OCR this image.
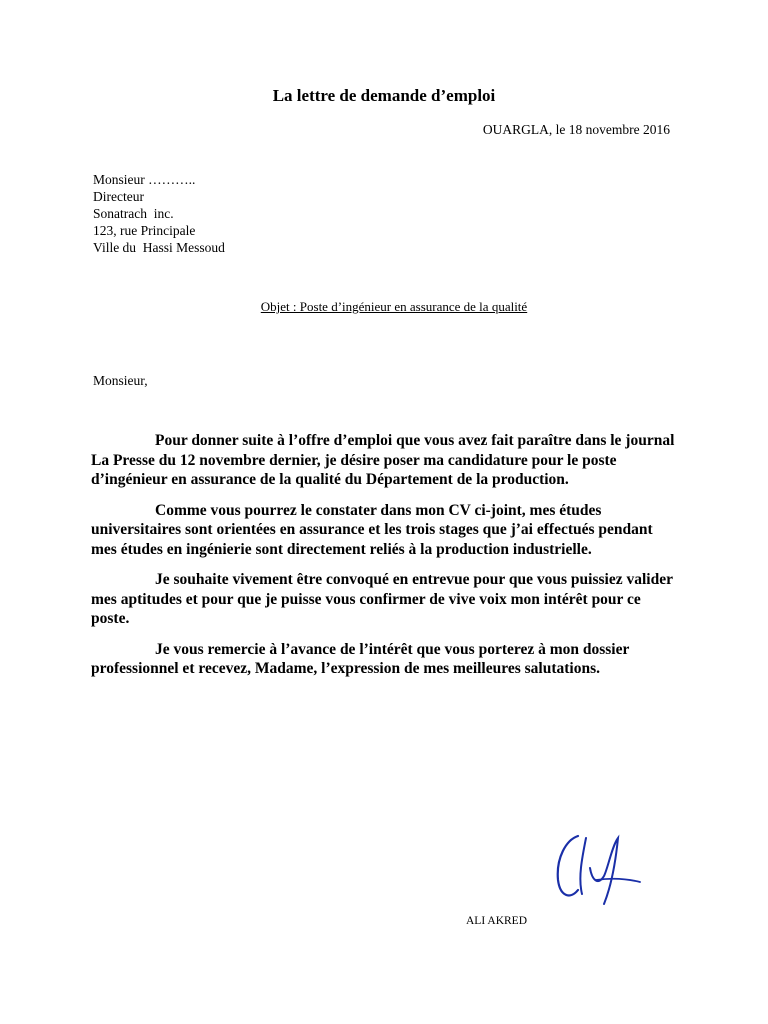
La lettre de demande d’emploi

OUARGLA, le 18 novembre 2016

Monsieur ………..
Directeur
Sonatrach  inc.
123, rue Principale
Ville du  Hassi Messoud

Objet : Poste d’ingénieur en assurance de la qualité

Monsieur,

Pour donner suite à l’offre d’emploi que vous avez fait paraître dans le journal La Presse du 12 novembre dernier, je désire poser ma candidature pour le poste d’ingénieur en assurance de la qualité du Département de la production.

Comme vous pourrez le constater dans mon CV ci-joint, mes études universitaires sont orientées en assurance et les trois stages que j’ai effectués pendant mes études en ingénierie sont directement reliés à la production industrielle.

Je souhaite vivement être convoqué en entrevue pour que vous puissiez valider mes aptitudes et pour que je puisse vous confirmer de vive voix mon intérêt pour ce poste.

Je vous remercie à l’avance de l’intérêt que vous porterez à mon dossier professionnel et recevez, Madame, l’expression de mes meilleures salutations.

ALI AKRED
